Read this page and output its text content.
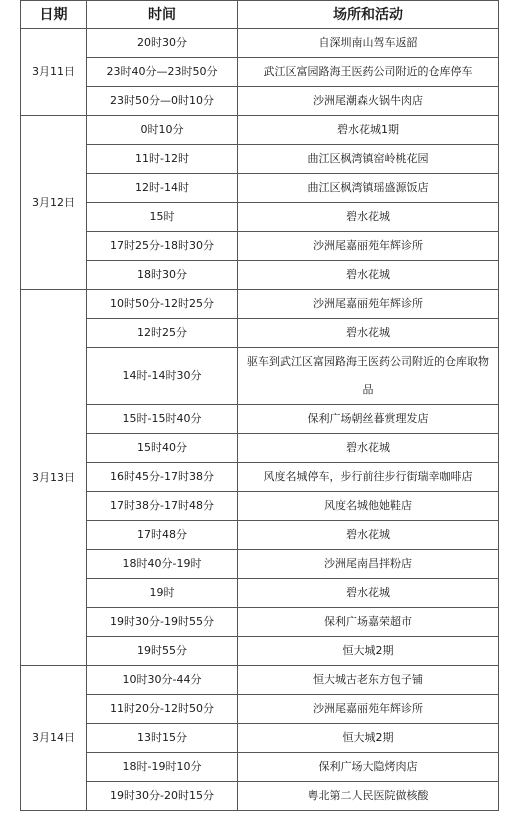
日期	时间	场所和活动
3月11日	20时30分	自深圳南山驾车返韶
	23时40分—23时50分	武江区富园路海王医药公司附近的仓库停车
	23时50分—0时10分	沙洲尾潮森火锅牛肉店
3月12日	0时10分	碧水花城1期
	11时-12时	曲江区枫湾镇窑岭桃花园
	12时-14时	曲江区枫湾镇瑶盛源饭店
	15时	碧水花城
	17时25分-18时30分	沙洲尾嘉丽苑年辉诊所
	18时30分	碧水花城
3月13日	10时50分-12时25分	沙洲尾嘉丽苑年辉诊所
	12时25分	碧水花城
	14时-14时30分	驱车到武江区富园路海王医药公司附近的仓库取物品
	15时-15时40分	保利广场朝丝暮赏理发店
	15时40分	碧水花城
	16时45分-17时38分	风度名城停车，步行前往步行街瑞幸咖啡店
	17时38分-17时48分	风度名城他她鞋店
	17时48分	碧水花城
	18时40分-19时	沙洲尾南昌拌粉店
	19时	碧水花城
	19时30分-19时55分	保利广场嘉荣超市
	19时55分	恒大城2期
3月14日	10时30分-44分	恒大城古老东方包子铺
	11时20分-12时50分	沙洲尾嘉丽苑年辉诊所
	13时15分	恒大城2期
	18时-19时10分	保利广场大隐烤肉店
	19时30分-20时15分	粤北第二人民医院做核酸
